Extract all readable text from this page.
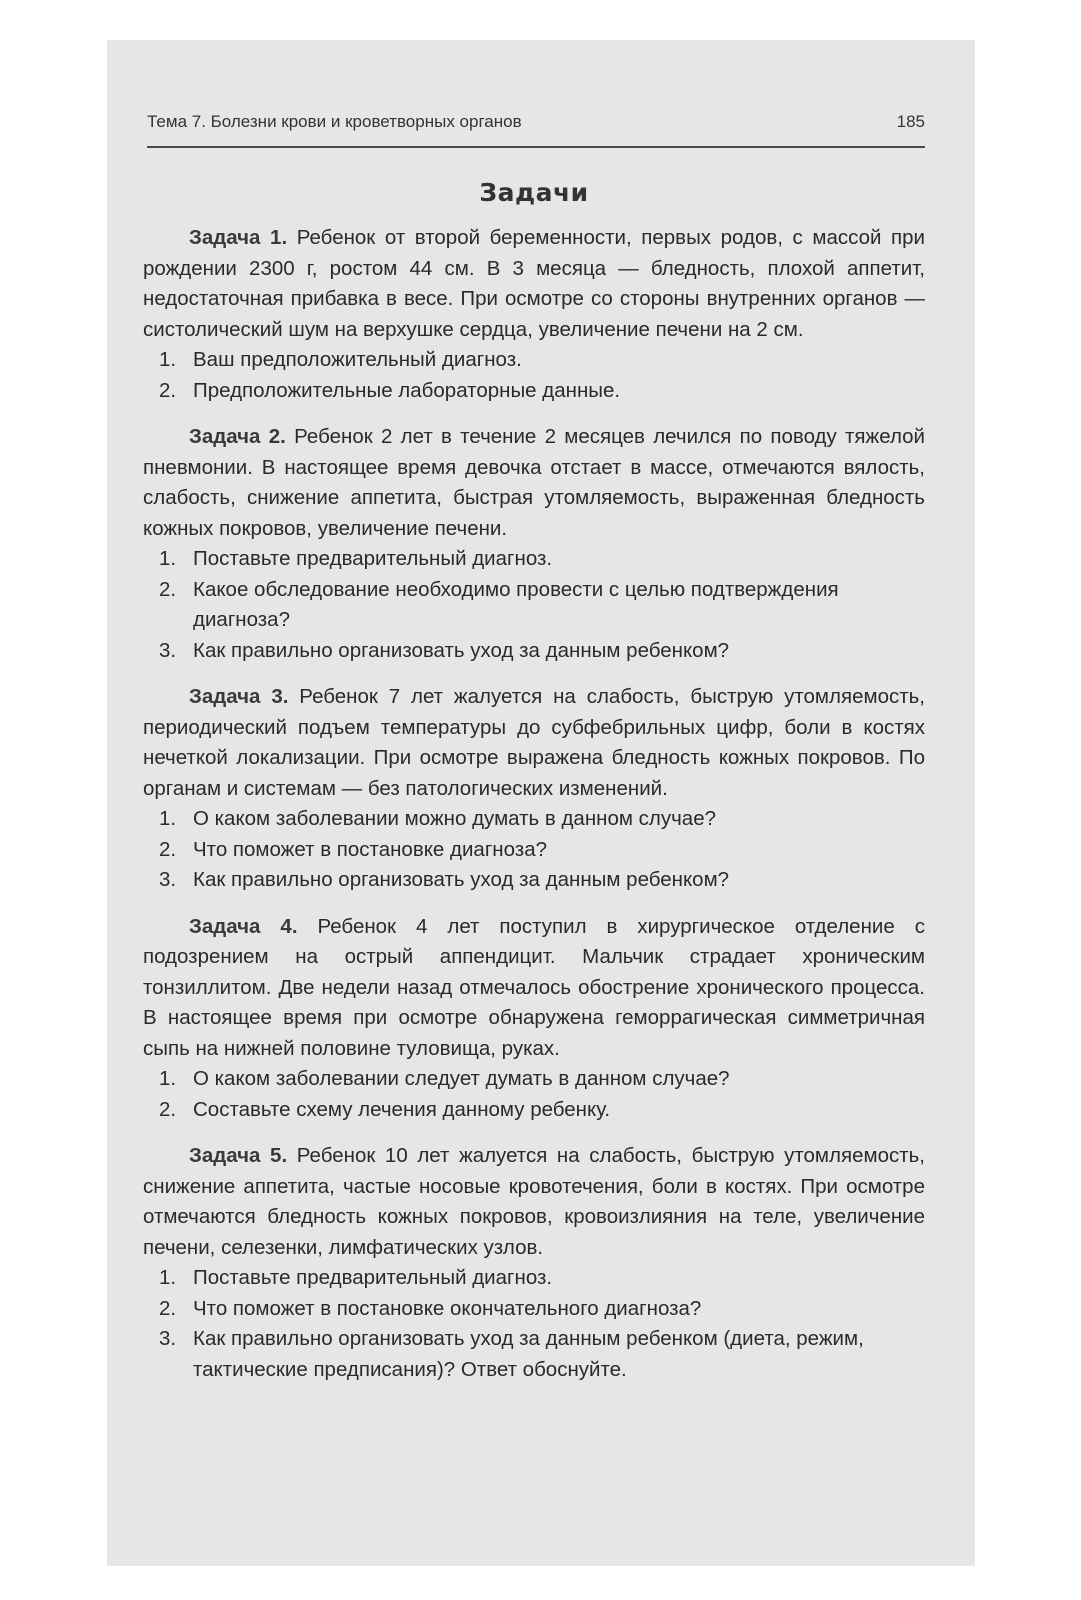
Тема 7. Болезни крови и кроветворных органов	185
Задачи

Задача 1. Ребенок от второй беременности, первых родов, с массой при рождении 2300 г, ростом 44 см. В 3 месяца — бледность, плохой аппетит, недостаточная прибавка в весе. При осмотре со стороны внутренних органов — систолический шум на верхушке сердца, увеличение печени на 2 см.

1. Ваш предположительный диагноз.
2. Предположительные лабораторные данные.

Задача 2. Ребенок 2 лет в течение 2 месяцев лечился по поводу тяжелой пневмонии. В настоящее время девочка отстает в массе, отмечаются вялость, слабость, снижение аппетита, быстрая утомляемость, выраженная бледность кожных покровов, увеличение печени.

1. Поставьте предварительный диагноз.
2. Какое обследование необходимо провести с целью подтверждения диагноза?
3. Как правильно организовать уход за данным ребенком?

Задача 3. Ребенок 7 лет жалуется на слабость, быструю утомляемость, периодический подъем температуры до субфебрильных цифр, боли в костях нечеткой локализации. При осмотре выражена бледность кожных покровов. По органам и системам — без патологических изменений.

1. О каком заболевании можно думать в данном случае?
2. Что поможет в постановке диагноза?
3. Как правильно организовать уход за данным ребенком?

Задача 4. Ребенок 4 лет поступил в хирургическое отделение с подозрением на острый аппендицит. Мальчик страдает хроническим тонзиллитом. Две недели назад отмечалось обострение хронического процесса. В настоящее время при осмотре обнаружена геморрагическая симметричная сыпь на нижней половине туловища, руках.

1. О каком заболевании следует думать в данном случае?
2. Составьте схему лечения данному ребенку.

Задача 5. Ребенок 10 лет жалуется на слабость, быструю утомляемость, снижение аппетита, частые носовые кровотечения, боли в костях. При осмотре отмечаются бледность кожных покровов, кровоизлияния на теле, увеличение печени, селезенки, лимфатических узлов.

1. Поставьте предварительный диагноз.
2. Что поможет в постановке окончательного диагноза?
3. Как правильно организовать уход за данным ребенком (диета, режим, тактические предписания)? Ответ обоснуйте.
